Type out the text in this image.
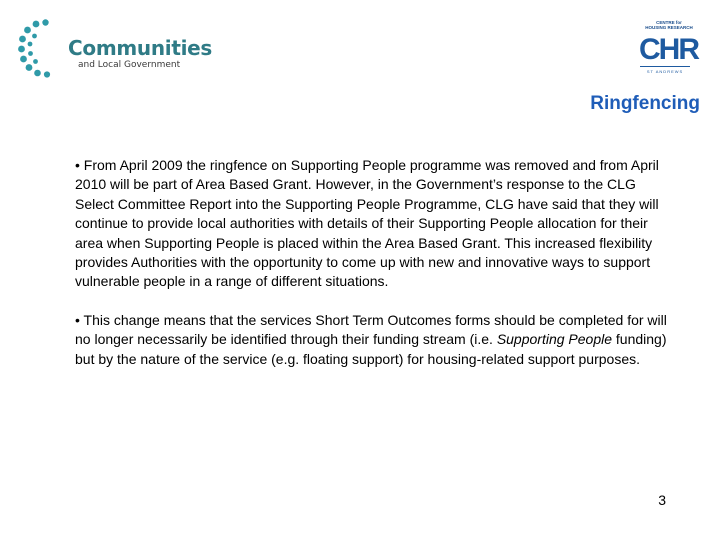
Communities
and Local Government
CENTRE for
HOUSING RESEARCH
CHR
ST ANDREWS
Ringfencing

• From April 2009 the ringfence on Supporting People programme was removed and from April 2010 will be part of Area Based Grant. However, in the Government’s response to the CLG Select Committee Report into the Supporting People Programme, CLG have said that they will continue to provide local authorities with details of their Supporting People allocation for their area when Supporting People is placed within the Area Based Grant. This increased flexibility provides Authorities with the opportunity to come up with new and innovative ways to support vulnerable people in a range of different situations.

• This change means that the services Short Term Outcomes forms should be completed for will no longer necessarily be identified through their funding stream (i.e. Supporting People funding) but by the nature of the service (e.g. floating support) for housing-related support purposes.

3
